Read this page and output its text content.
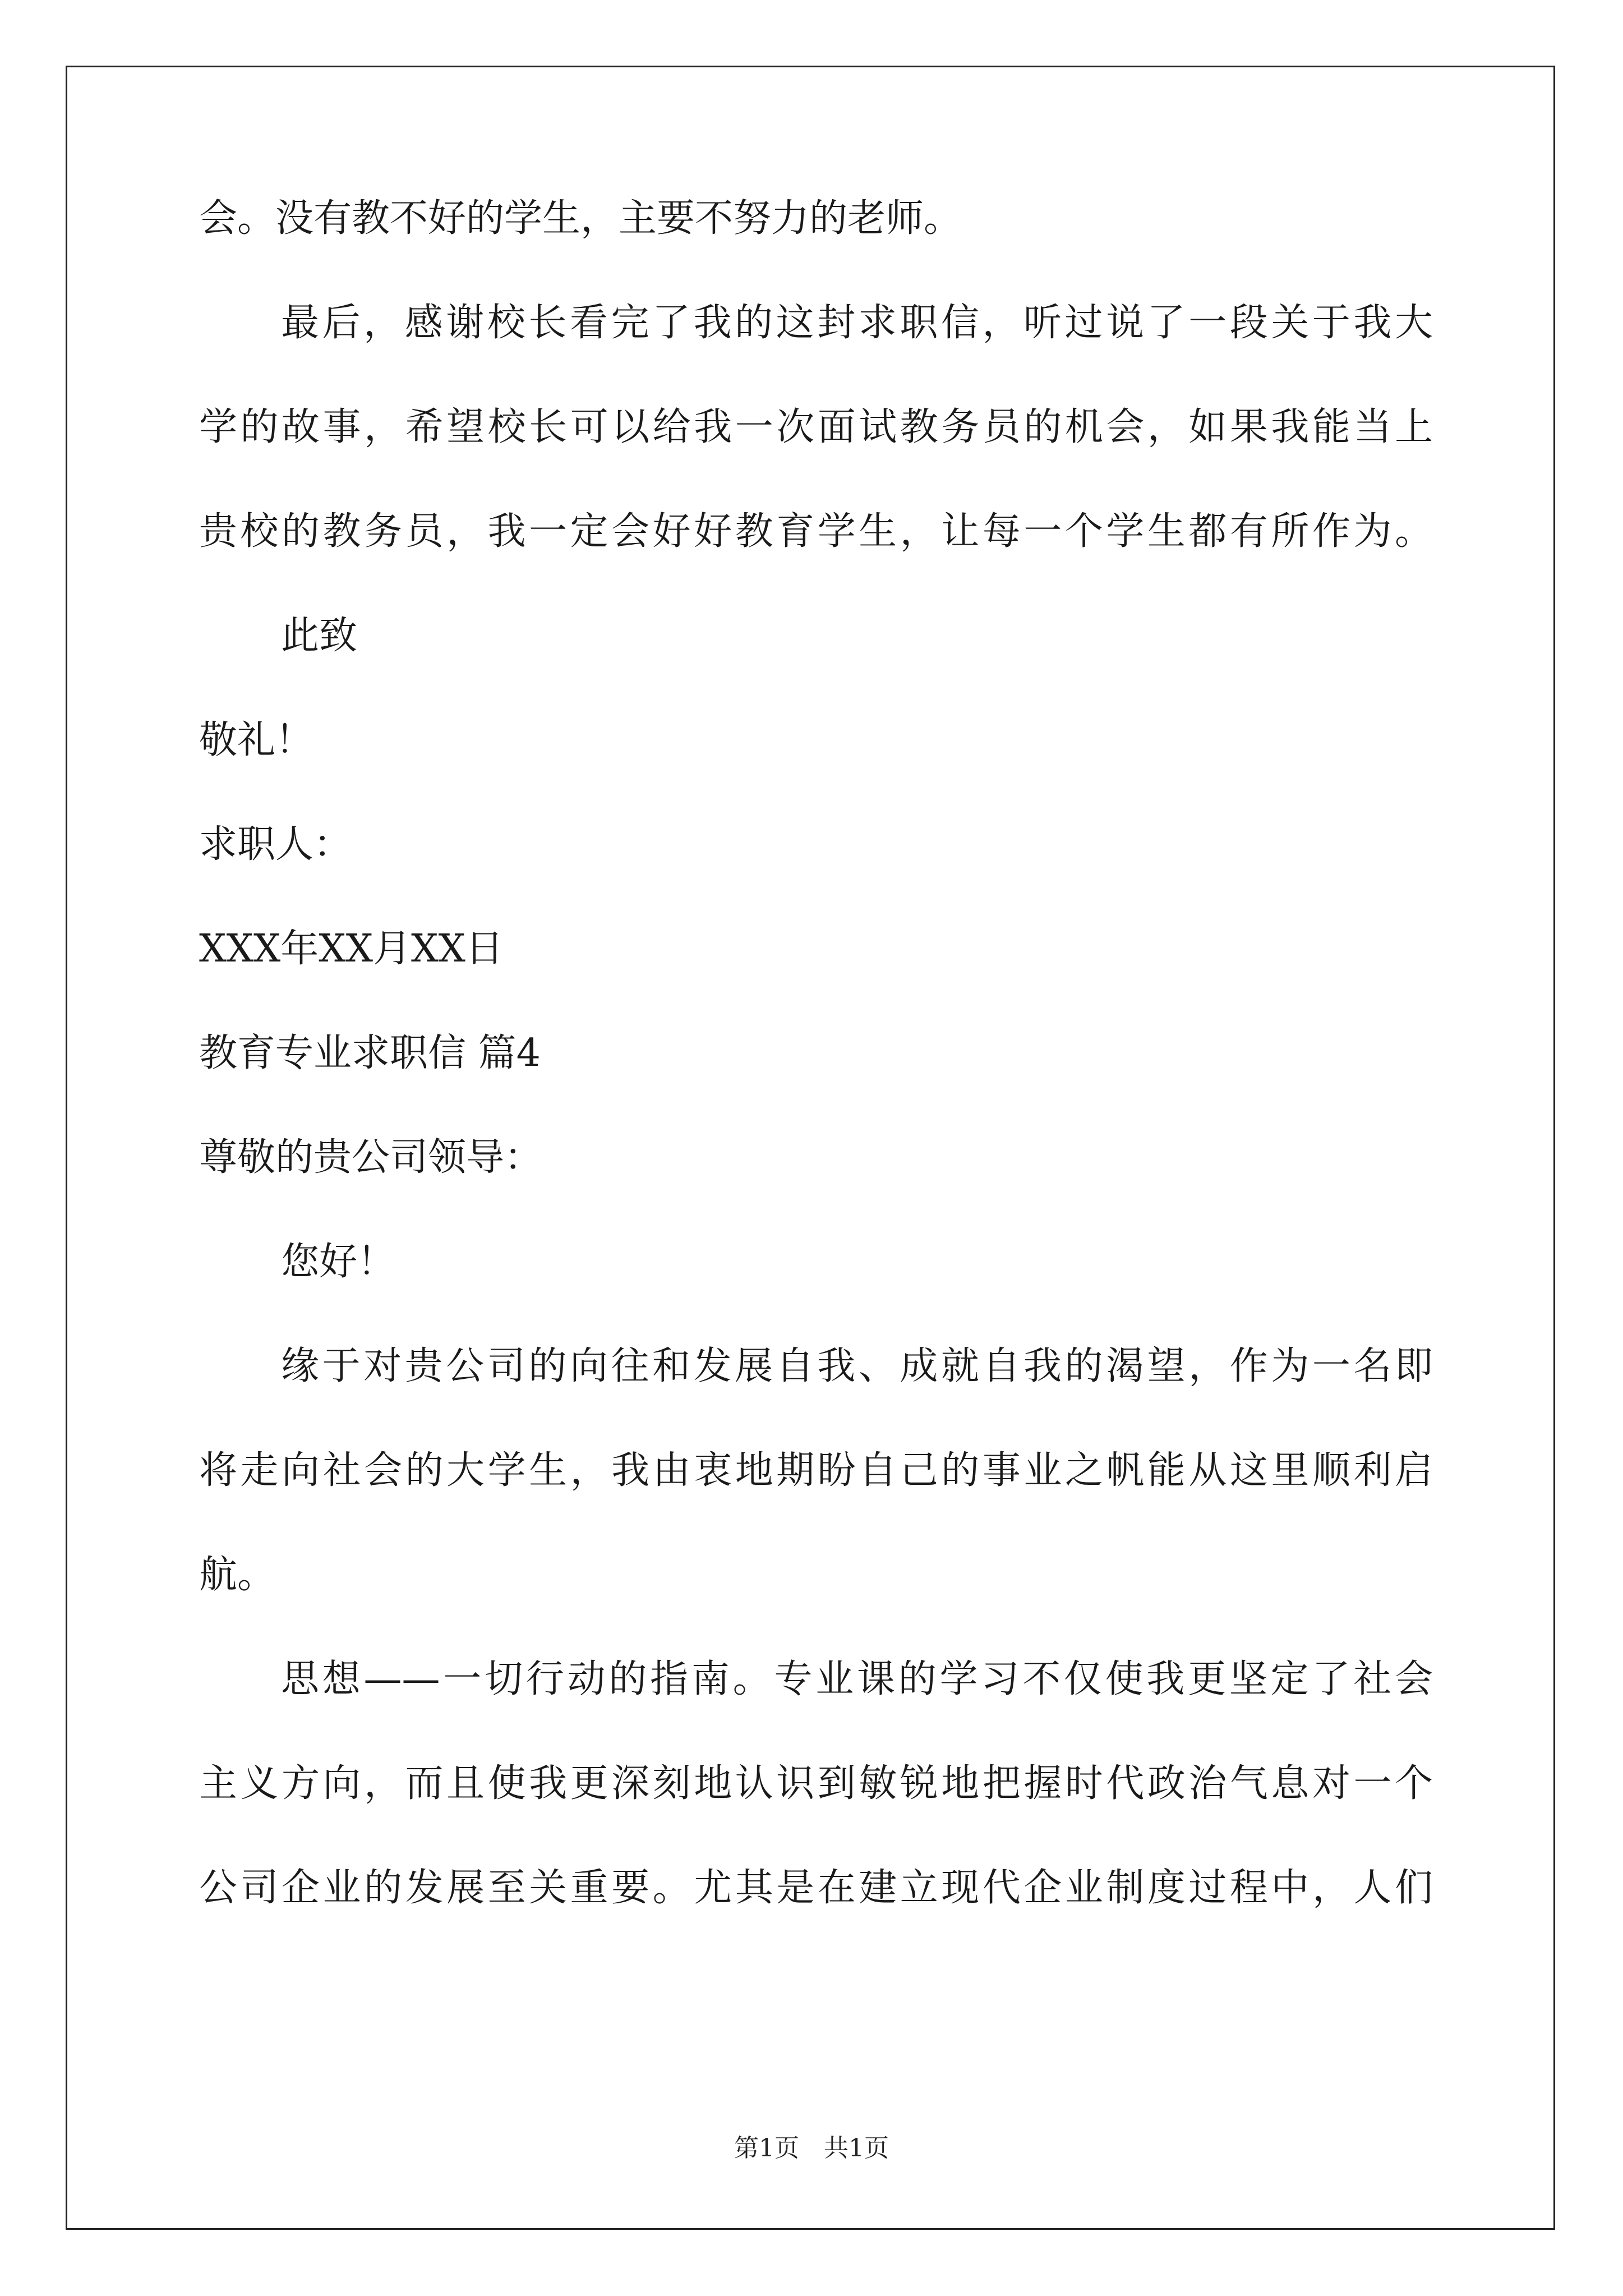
会。没有教不好的学生，主要不努力的老师。
最后，感谢校长看完了我的这封求职信，听过说了一段关于我大
学的故事，希望校长可以给我一次面试教务员的机会，如果我能当上
贵校的教务员，我一定会好好教育学生，让每一个学生都有所作为。
此致
敬礼！
求职人：
XXX年XX月XX日
教育专业求职信 篇4
尊敬的贵公司领导：
您好！
缘于对贵公司的向往和发展自我、成就自我的渴望，作为一名即
将走向社会的大学生，我由衷地期盼自己的事业之帆能从这里顺利启
航。
思想——一切行动的指南。专业课的学习不仅使我更坚定了社会
主义方向，而且使我更深刻地认识到敏锐地把握时代政治气息对一个
公司企业的发展至关重要。尤其是在建立现代企业制度过程中，人们
第1页　共1页
